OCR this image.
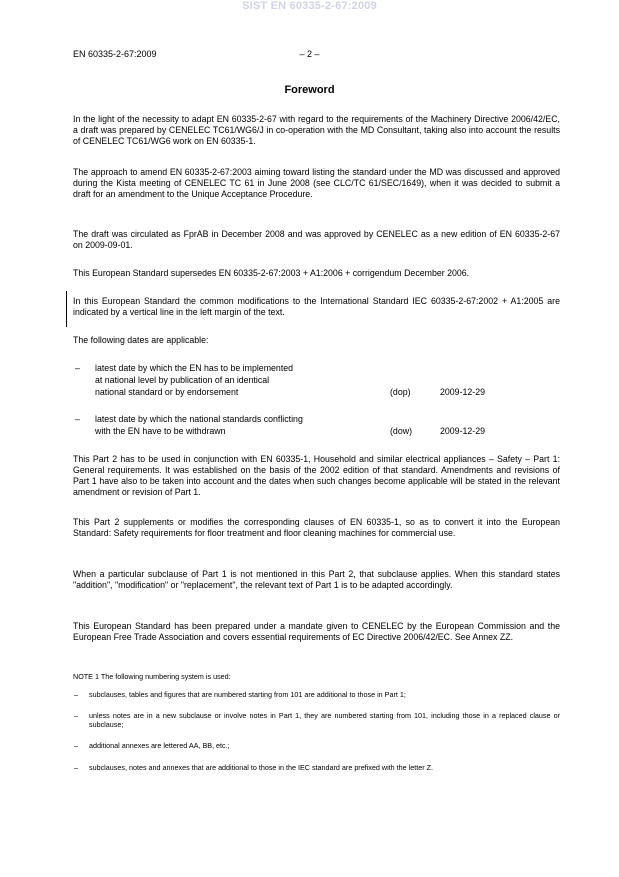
SIST EN 60335-2-67:2009
EN 60335-2-67:2009	– 2 –
Foreword

In the light of the necessity to adapt EN 60335-2-67 with regard to the requirements of the Machinery Directive 2006/42/EC, a draft was prepared by CENELEC TC61/WG6/J in co-operation with the MD Consultant, taking also into account the results of CENELEC TC61/WG6 work on EN 60335-1.

The approach to amend EN 60335-2-67:2003 aiming toward listing the standard under the MD was discussed and approved during the Kista meeting of CENELEC TC 61 in June 2008 (see CLC/TC 61/SEC/1649), when it was decided to submit a draft for an amendment to the Unique Acceptance Procedure.

The draft was circulated as FprAB in December 2008 and was approved by CENELEC as a new edition of EN 60335-2-67 on 2009-09-01.

This European Standard supersedes EN 60335-2-67:2003 + A1:2006 + corrigendum December 2006.

In this European Standard the common modifications to the International Standard IEC 60335-2-67:2002 + A1:2005 are indicated by a vertical line in the left margin of the text.

The following dates are applicable:

– latest date by which the EN has to be implemented
at national level by publication of an identical
national standard or by endorsement	(dop)	2009-12-29
– latest date by which the national standards conflicting
with the EN have to be withdrawn	(dow)	2009-12-29

This Part 2 has to be used in conjunction with EN 60335-1, Household and similar electrical appliances – Safety – Part 1: General requirements. It was established on the basis of the 2002 edition of that standard. Amendments and revisions of Part 1 have also to be taken into account and the dates when such changes become applicable will be stated in the relevant amendment or revision of Part 1.

This Part 2 supplements or modifies the corresponding clauses of EN 60335-1, so as to convert it into the European Standard: Safety requirements for floor treatment and floor cleaning machines for commercial use.

When a particular subclause of Part 1 is not mentioned in this Part 2, that subclause applies. When this standard states "addition", "modification" or "replacement", the relevant text of Part 1 is to be adapted accordingly.

This European Standard has been prepared under a mandate given to CENELEC by the European Commission and the European Free Trade Association and covers essential requirements of EC Directive 2006/42/EC. See Annex ZZ.

NOTE 1 The following numbering system is used:
– subclauses, tables and figures that are numbered starting from 101 are additional to those in Part 1;
– unless notes are in a new subclause or involve notes in Part 1, they are numbered starting from 101, including those in a replaced clause or subclause;
– additional annexes are lettered AA, BB, etc.;
– subclauses, notes and annexes that are additional to those in the IEC standard are prefixed with the letter Z.
